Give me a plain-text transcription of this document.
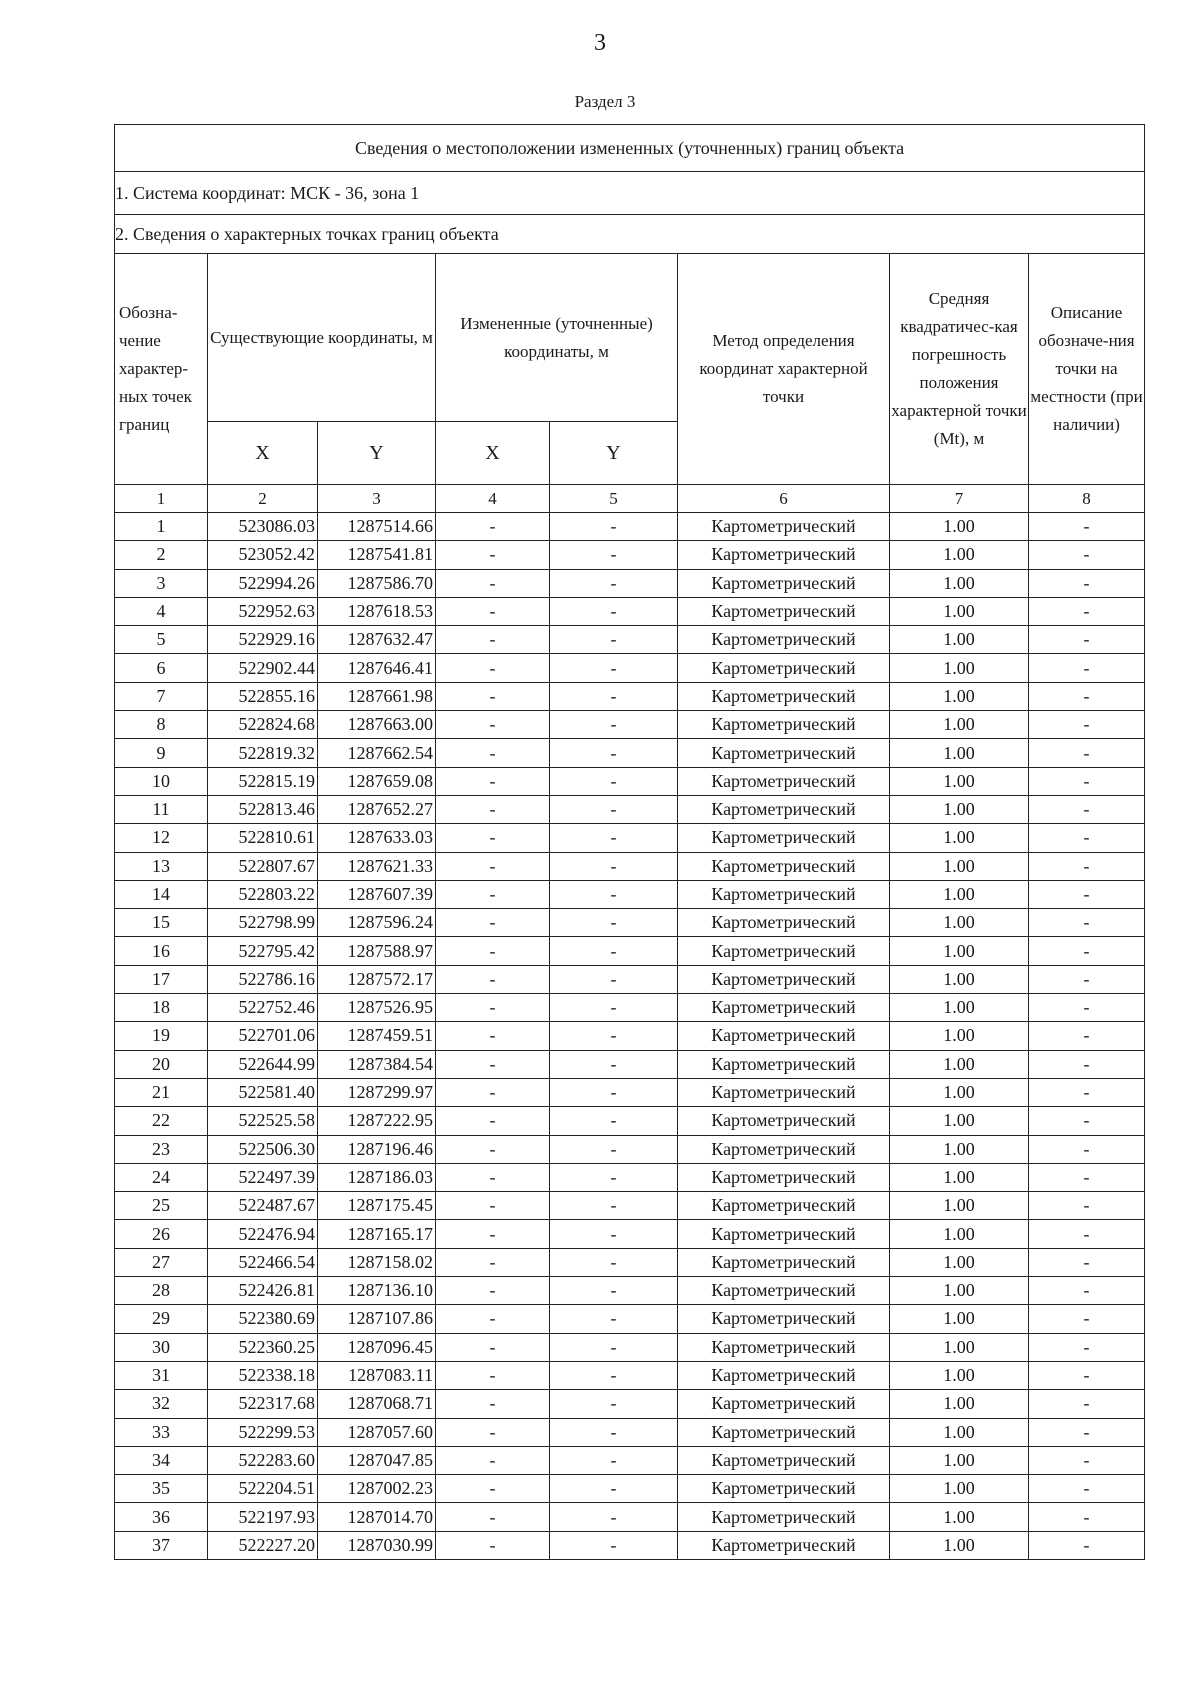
3
Раздел 3
Сведения о местоположении измененных (уточненных) границ объекта							
1. Система координат: МСК - 36, зона 1							
2. Сведения о характерных точках границ объекта							
Обозна-чение характер-ных точек границ	Существующие координаты, м		Измененные (уточненные) координаты, м		Метод определения координат характерной точки	Средняя квадратичес-кая погрешность положения характерной точки (Mt), м	Описание обозначе-ния точки на местности (при наличии)
	X	Y	X	Y			
1	2	3	4	5	6	7	8
1	523086.03	1287514.66	-	-	Картометрический	1.00	-
2	523052.42	1287541.81	-	-	Картометрический	1.00	-
3	522994.26	1287586.70	-	-	Картометрический	1.00	-
4	522952.63	1287618.53	-	-	Картометрический	1.00	-
5	522929.16	1287632.47	-	-	Картометрический	1.00	-
6	522902.44	1287646.41	-	-	Картометрический	1.00	-
7	522855.16	1287661.98	-	-	Картометрический	1.00	-
8	522824.68	1287663.00	-	-	Картометрический	1.00	-
9	522819.32	1287662.54	-	-	Картометрический	1.00	-
10	522815.19	1287659.08	-	-	Картометрический	1.00	-
11	522813.46	1287652.27	-	-	Картометрический	1.00	-
12	522810.61	1287633.03	-	-	Картометрический	1.00	-
13	522807.67	1287621.33	-	-	Картометрический	1.00	-
14	522803.22	1287607.39	-	-	Картометрический	1.00	-
15	522798.99	1287596.24	-	-	Картометрический	1.00	-
16	522795.42	1287588.97	-	-	Картометрический	1.00	-
17	522786.16	1287572.17	-	-	Картометрический	1.00	-
18	522752.46	1287526.95	-	-	Картометрический	1.00	-
19	522701.06	1287459.51	-	-	Картометрический	1.00	-
20	522644.99	1287384.54	-	-	Картометрический	1.00	-
21	522581.40	1287299.97	-	-	Картометрический	1.00	-
22	522525.58	1287222.95	-	-	Картометрический	1.00	-
23	522506.30	1287196.46	-	-	Картометрический	1.00	-
24	522497.39	1287186.03	-	-	Картометрический	1.00	-
25	522487.67	1287175.45	-	-	Картометрический	1.00	-
26	522476.94	1287165.17	-	-	Картометрический	1.00	-
27	522466.54	1287158.02	-	-	Картометрический	1.00	-
28	522426.81	1287136.10	-	-	Картометрический	1.00	-
29	522380.69	1287107.86	-	-	Картометрический	1.00	-
30	522360.25	1287096.45	-	-	Картометрический	1.00	-
31	522338.18	1287083.11	-	-	Картометрический	1.00	-
32	522317.68	1287068.71	-	-	Картометрический	1.00	-
33	522299.53	1287057.60	-	-	Картометрический	1.00	-
34	522283.60	1287047.85	-	-	Картометрический	1.00	-
35	522204.51	1287002.23	-	-	Картометрический	1.00	-
36	522197.93	1287014.70	-	-	Картометрический	1.00	-
37	522227.20	1287030.99	-	-	Картометрический	1.00	-
